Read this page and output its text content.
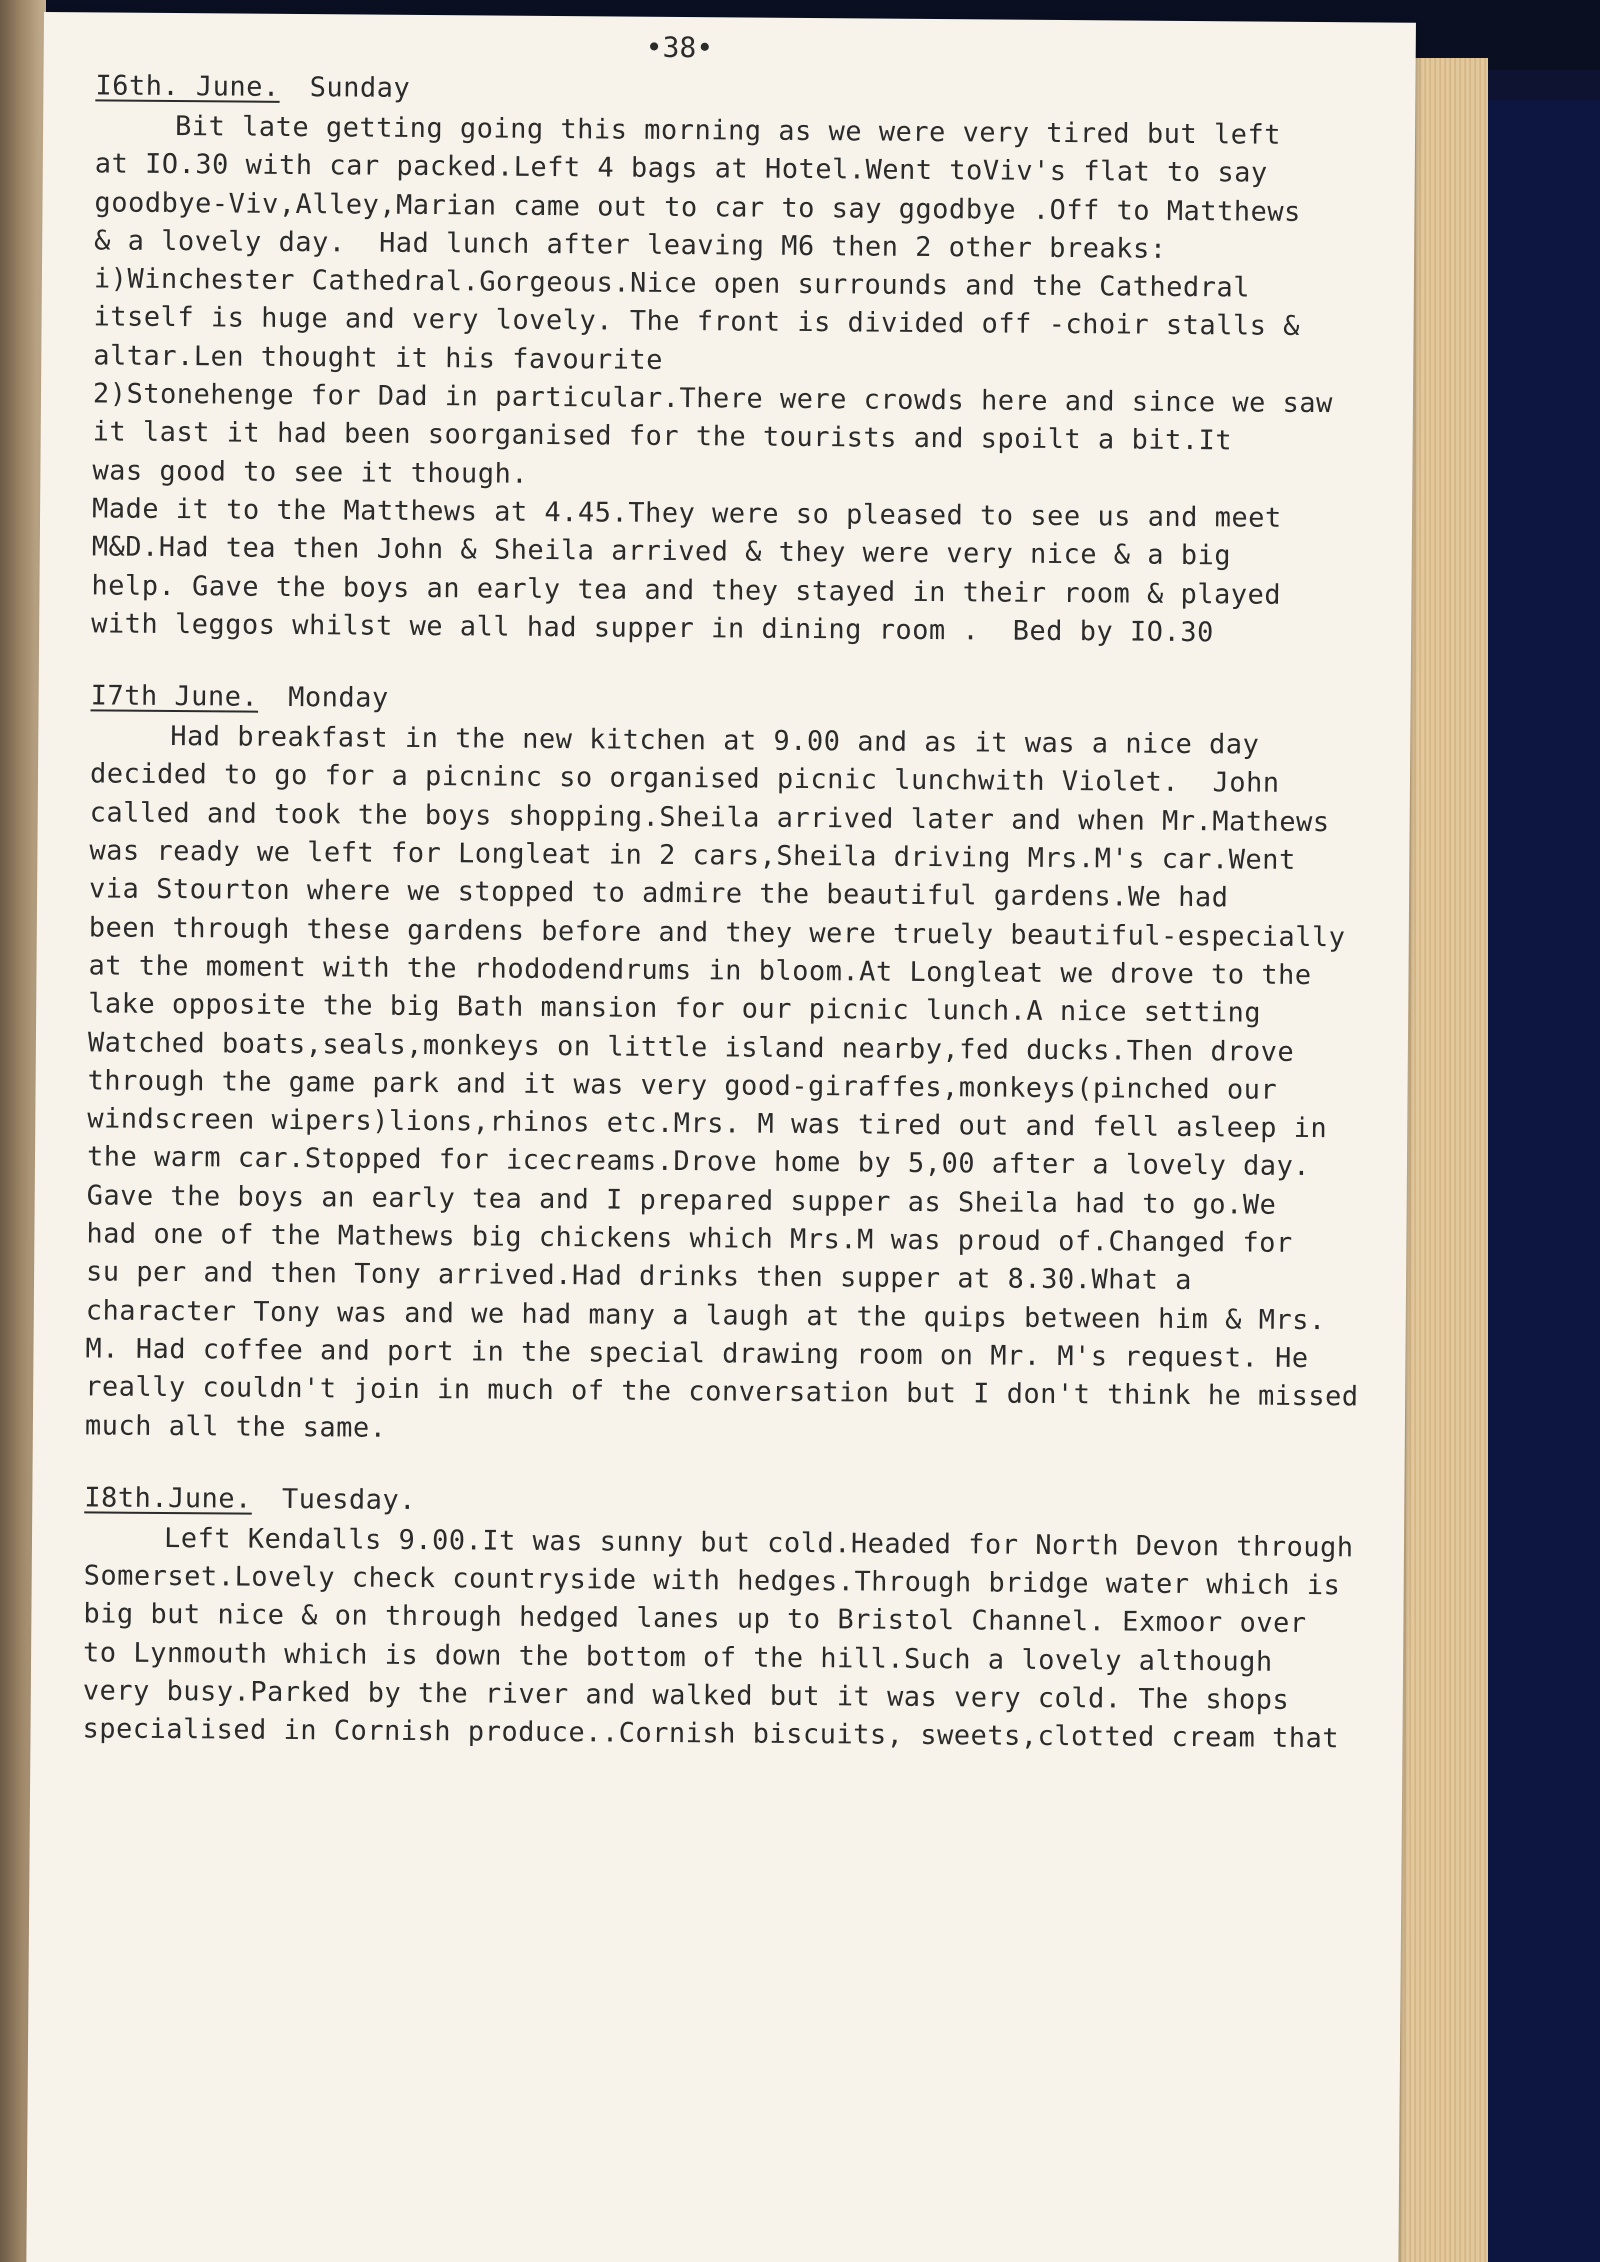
•38•
I6th. June. Sunday
Bit late getting going this morning as we were very tired but left
at IO.30 with car packed.Left 4 bags at Hotel.Went toViv's flat to say
goodbye-Viv,Alley,Marian came out to car to say ggodbye .Off to Matthews
& a lovely day.  Had lunch after leaving M6 then 2 other breaks:
i)Winchester Cathedral.Gorgeous.Nice open surrounds and the Cathedral
itself is huge and very lovely. The front is divided off -choir stalls &
altar.Len thought it his favourite
2)Stonehenge for Dad in particular.There were crowds here and since we saw
it last it had been soorganised for the tourists and spoilt a bit.It
was good to see it though.
Made it to the Matthews at 4.45.They were so pleased to see us and meet
M&D.Had tea then John & Sheila arrived & they were very nice & a big
help. Gave the boys an early tea and they stayed in their room & played
with leggos whilst we all had supper in dining room .  Bed by IO.30
I7th June. Monday
Had breakfast in the new kitchen at 9.00 and as it was a nice day
decided to go for a picninc so organised picnic lunchwith Violet.  John
called and took the boys shopping.Sheila arrived later and when Mr.Mathews
was ready we left for Longleat in 2 cars,Sheila driving Mrs.M's car.Went
via Stourton where we stopped to admire the beautiful gardens.We had
been through these gardens before and they were truely beautiful-especially
at the moment with the rhododendrums in bloom.At Longleat we drove to the
lake opposite the big Bath mansion for our picnic lunch.A nice setting
Watched boats,seals,monkeys on little island nearby,fed ducks.Then drove
through the game park and it was very good-giraffes,monkeys(pinched our
windscreen wipers)lions,rhinos etc.Mrs. M was tired out and fell asleep in
the warm car.Stopped for icecreams.Drove home by 5,00 after a lovely day.
Gave the boys an early tea and I prepared supper as Sheila had to go.We
had one of the Mathews big chickens which Mrs.M was proud of.Changed for
su per and then Tony arrived.Had drinks then supper at 8.30.What a
character Tony was and we had many a laugh at the quips between him & Mrs.
M. Had coffee and port in the special drawing room on Mr. M's request. He
really couldn't join in much of the conversation but I don't think he missed
much all the same.
I8th.June. Tuesday.
Left Kendalls 9.00.It was sunny but cold.Headed for North Devon through
Somerset.Lovely check countryside with hedges.Through bridge water which is
big but nice & on through hedged lanes up to Bristol Channel. Exmoor over
to Lynmouth which is down the bottom of the hill.Such a lovely although
very busy.Parked by the river and walked but it was very cold. The shops
specialised in Cornish produce..Cornish biscuits, sweets,clotted cream that
